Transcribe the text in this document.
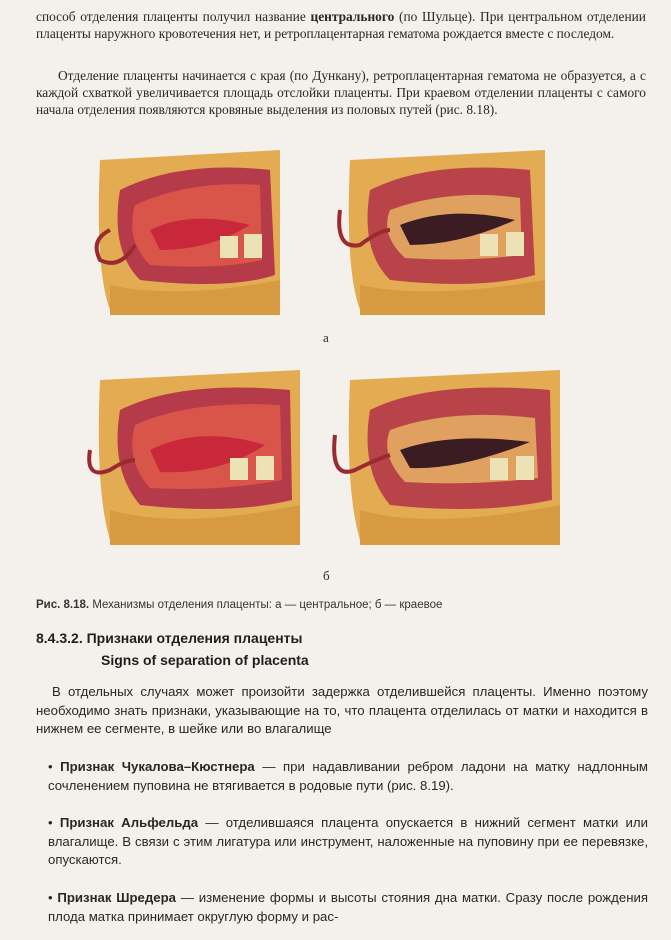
способ отделения плаценты получил название центрального (по Шульце). При центральном отделении плаценты наружного кровотечения нет, и ретроплацентарная гематома рождается вместе с последом.

Отделение плаценты начинается с края (по Дункану), ретроплацентарная гематома не образуется, а с каждой схваткой увеличивается площадь отслойки плаценты. При краевом отделении плаценты с самого начала отделения появляются кровяные выделения из половых путей (рис. 8.18).

а
б
Рис. 8.18. Механизмы отделения плаценты: а — центральное; б — краевое
8.4.3.2. Признаки отделения плаценты
Signs of separation of placenta

В отдельных случаях может произойти задержка отделившейся плаценты. Именно поэтому необходимо знать признаки, указывающие на то, что плацента отделилась от матки и находится в нижнем ее сегменте, в шейке или во влагалище

• Признак Чукалова–Кюстнера — при надавливании ребром ладони на матку надлонным сочленением пуповина не втягивается в родовые пути (рис. 8.19).

• Признак Альфельда — отделившаяся плацента опускается в нижний сегмент матки или влагалище. В связи с этим лигатура или инструмент, наложенные на пуповину при ее перевязке, опускаются.

• Признак Шредера — изменение формы и высоты стояния дна матки. Сразу после рождения плода матка принимает округлую форму и рас-
